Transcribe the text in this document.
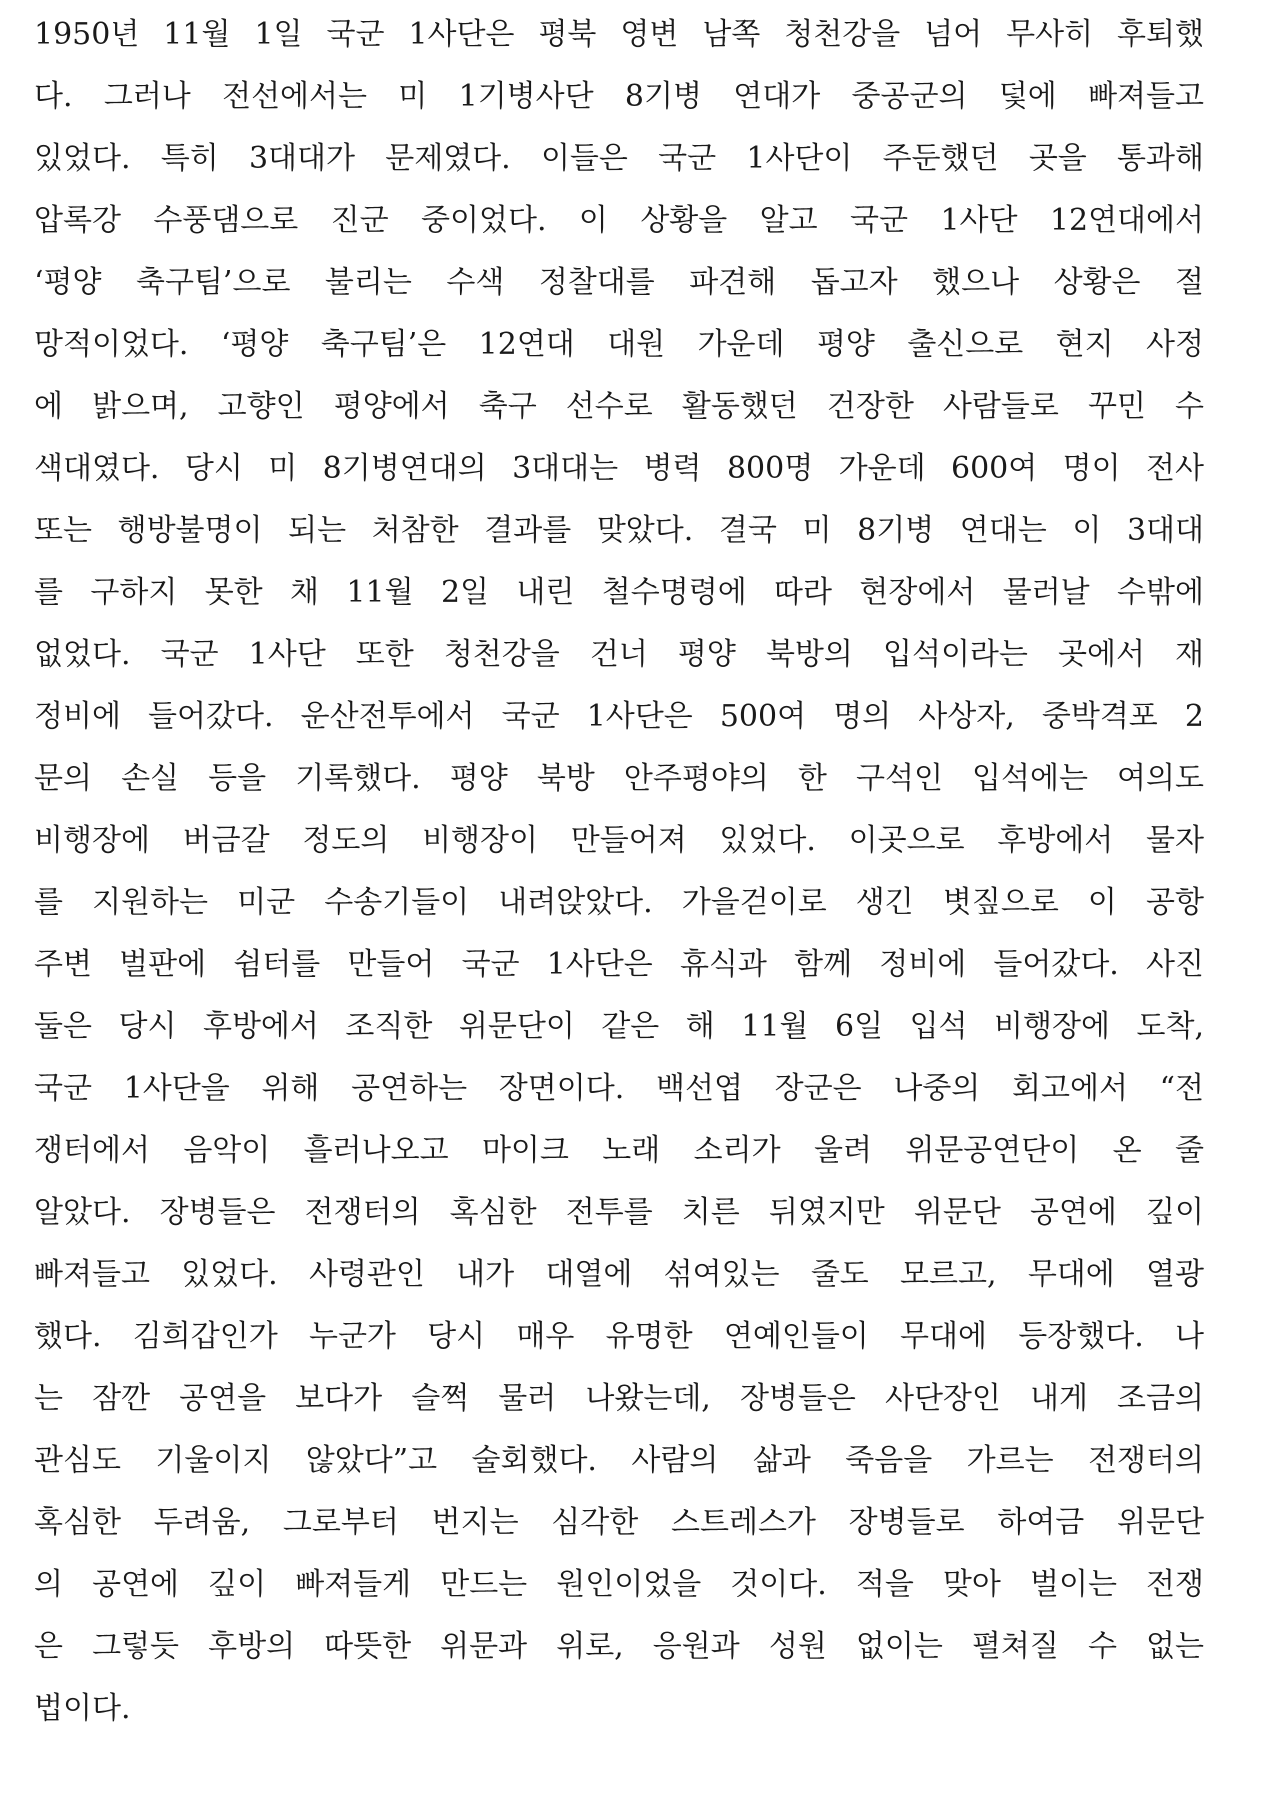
1950년 11월 1일 국군 1사단은 평북 영변 남쪽 청천강을 넘어 무사히 후퇴했
다. 그러나 전선에서는 미 1기병사단 8기병 연대가 중공군의 덫에 빠져들고
있었다. 특히 3대대가 문제였다. 이들은 국군 1사단이 주둔했던 곳을 통과해
압록강 수풍댐으로 진군 중이었다. 이 상황을 알고 국군 1사단 12연대에서
‘평양 축구팀’으로 불리는 수색 정찰대를 파견해 돕고자 했으나 상황은 절
망적이었다. ‘평양 축구팀’은 12연대 대원 가운데 평양 출신으로 현지 사정
에 밝으며, 고향인 평양에서 축구 선수로 활동했던 건장한 사람들로 꾸민 수
색대였다. 당시 미 8기병연대의 3대대는 병력 800명 가운데 600여 명이 전사
또는 행방불명이 되는 처참한 결과를 맞았다. 결국 미 8기병 연대는 이 3대대
를 구하지 못한 채 11월 2일 내린 철수명령에 따라 현장에서 물러날 수밖에
없었다. 국군 1사단 또한 청천강을 건너 평양 북방의 입석이라는 곳에서 재
정비에 들어갔다. 운산전투에서 국군 1사단은 500여 명의 사상자, 중박격포 2
문의 손실 등을 기록했다. 평양 북방 안주평야의 한 구석인 입석에는 여의도
비행장에 버금갈 정도의 비행장이 만들어져 있었다. 이곳으로 후방에서 물자
를 지원하는 미군 수송기들이 내려앉았다. 가을걷이로 생긴 볏짚으로 이 공항
주변 벌판에 쉼터를 만들어 국군 1사단은 휴식과 함께 정비에 들어갔다. 사진
둘은 당시 후방에서 조직한 위문단이 같은 해 11월 6일 입석 비행장에 도착,
국군 1사단을 위해 공연하는 장면이다. 백선엽 장군은 나중의 회고에서 “전
쟁터에서 음악이 흘러나오고 마이크 노래 소리가 울려 위문공연단이 온 줄
알았다. 장병들은 전쟁터의 혹심한 전투를 치른 뒤였지만 위문단 공연에 깊이
빠져들고 있었다. 사령관인 내가 대열에 섞여있는 줄도 모르고, 무대에 열광
했다. 김희갑인가 누군가 당시 매우 유명한 연예인들이 무대에 등장했다. 나
는 잠깐 공연을 보다가 슬쩍 물러 나왔는데, 장병들은 사단장인 내게 조금의
관심도 기울이지 않았다”고 술회했다. 사람의 삶과 죽음을 가르는 전쟁터의
혹심한 두려움, 그로부터 번지는 심각한 스트레스가 장병들로 하여금 위문단
의 공연에 깊이 빠져들게 만드는 원인이었을 것이다. 적을 맞아 벌이는 전쟁
은 그렇듯 후방의 따뜻한 위문과 위로, 응원과 성원 없이는 펼쳐질 수 없는
법이다.
